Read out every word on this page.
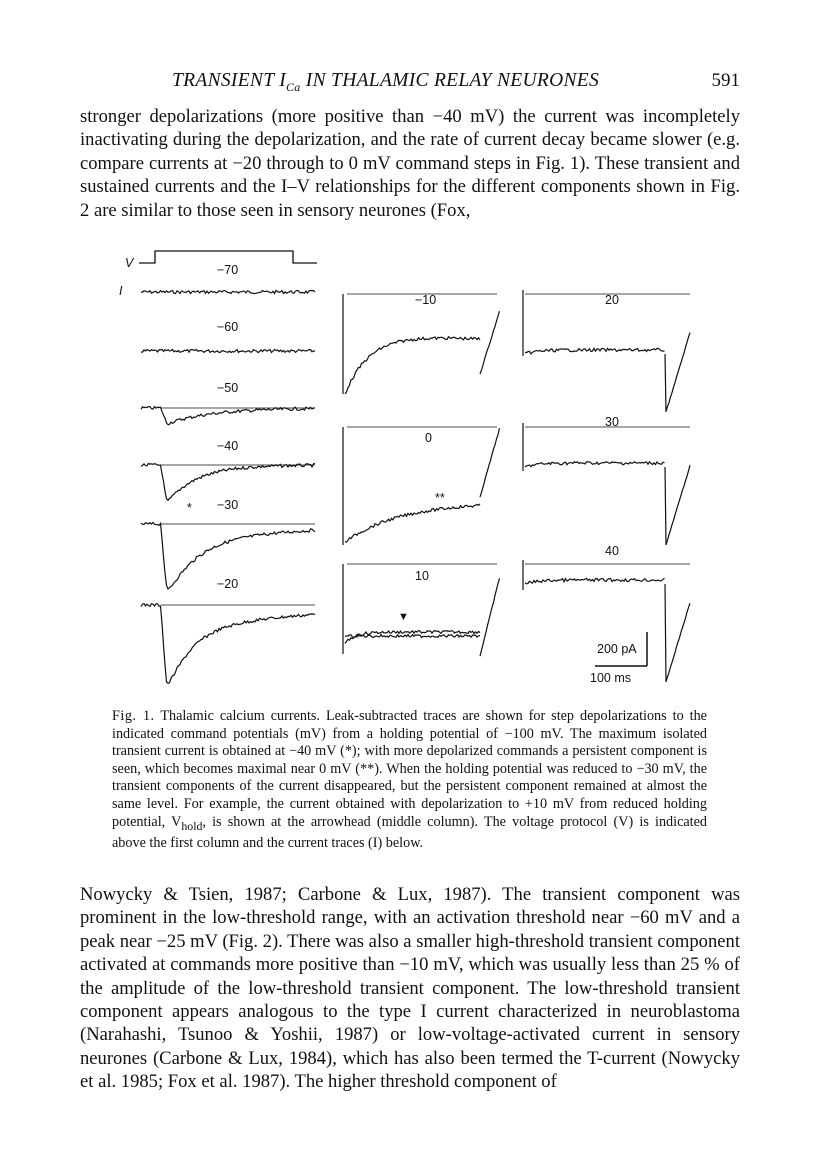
TRANSIENT $I_{Ca}$ IN THALAMIC RELAY NEURONES	591

stronger depolarizations (more positive than −40 mV) the current was incompletely inactivating during the depolarization, and the rate of current decay became slower (e.g. compare currents at −20 through to 0 mV command steps in Fig. 1). These transient and sustained currents and the I–V relationships for the different components shown in Fig. 2 are similar to those seen in sensory neurones (Fox,

V
I
−70
−60
−50
−40
−30
−20
*
−10
0
10
**
▼
20
30
40
200 pA
100 ms

Fig. 1. Thalamic calcium currents. Leak-subtracted traces are shown for step depolarizations to the indicated command potentials (mV) from a holding potential of −100 mV. The maximum isolated transient current is obtained at −40 mV (*); with more depolarized commands a persistent component is seen, which becomes maximal near 0 mV (**). When the holding potential was reduced to −30 mV, the transient components of the current disappeared, but the persistent component remained at almost the same level. For example, the current obtained with depolarization to +10 mV from reduced holding potential, $V_{hold}$, is shown at the arrowhead (middle column). The voltage protocol (V) is indicated above the first column and the current traces (I) below.

Nowycky & Tsien, 1987; Carbone & Lux, 1987). The transient component was prominent in the low-threshold range, with an activation threshold near −60 mV and a peak near −25 mV (Fig. 2). There was also a smaller high-threshold transient component activated at commands more positive than −10 mV, which was usually less than 25 % of the amplitude of the low-threshold transient component. The low-threshold transient component appears analogous to the type I current characterized in neuroblastoma (Narahashi, Tsunoo & Yoshii, 1987) or low-voltage-activated current in sensory neurones (Carbone & Lux, 1984), which has also been termed the T-current (Nowycky et al. 1985; Fox et al. 1987). The higher threshold component of
